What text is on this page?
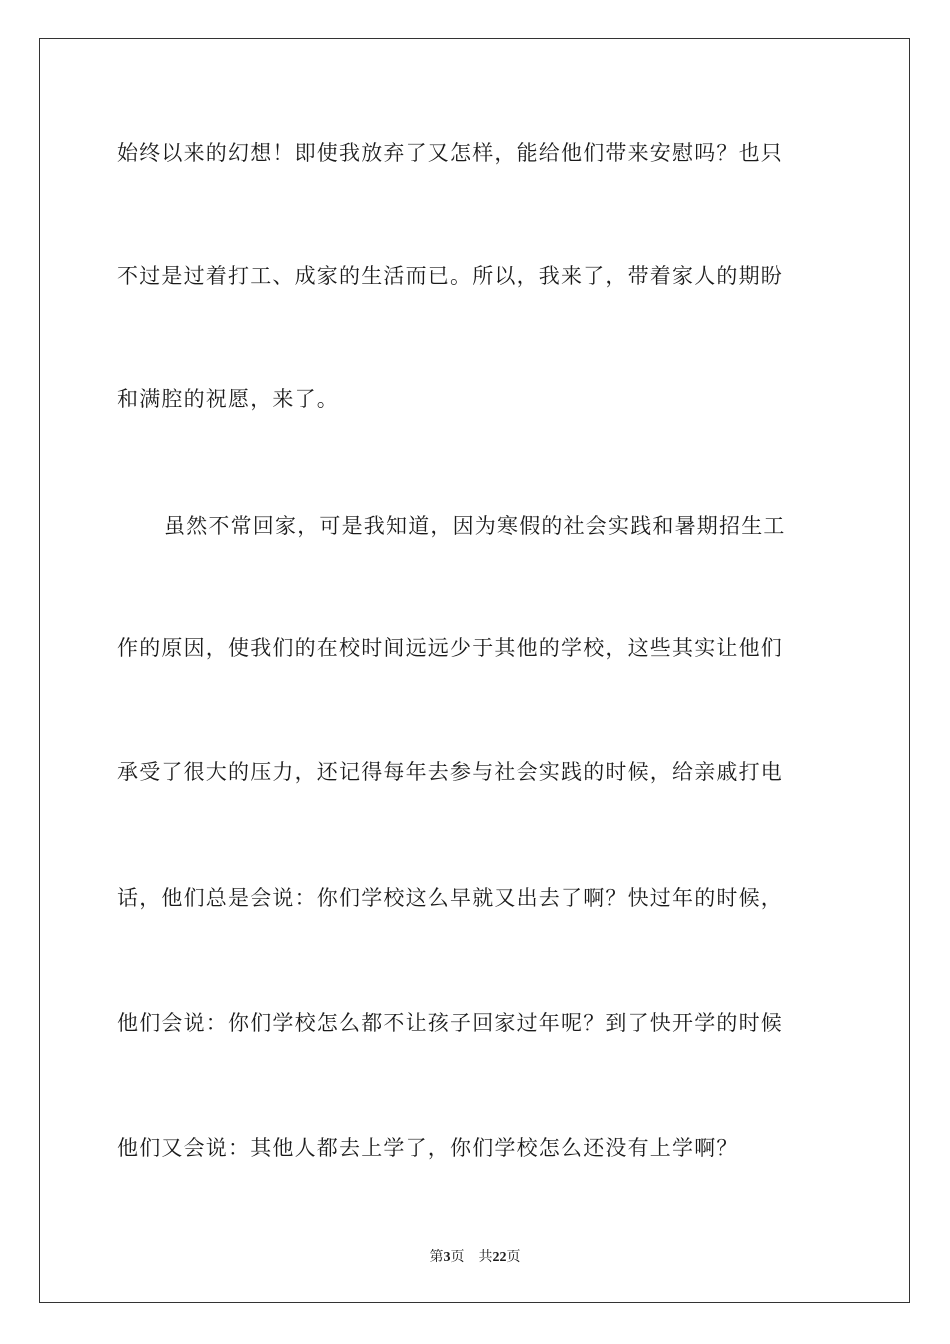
始终以来的幻想！即使我放弃了又怎样，能给他们带来安慰吗？也只
不过是过着打工、成家的生活而已。所以，我来了，带着家人的期盼
和满腔的祝愿，来了。
虽然不常回家，可是我知道，因为寒假的社会实践和暑期招生工
作的原因，使我们的在校时间远远少于其他的学校，这些其实让他们
承受了很大的压力，还记得每年去参与社会实践的时候，给亲戚打电
话，他们总是会说：你们学校这么早就又出去了啊？快过年的时候，
他们会说：你们学校怎么都不让孩子回家过年呢？到了快开学的时候
他们又会说：其他人都去上学了，你们学校怎么还没有上学啊？
第3页 共22页
